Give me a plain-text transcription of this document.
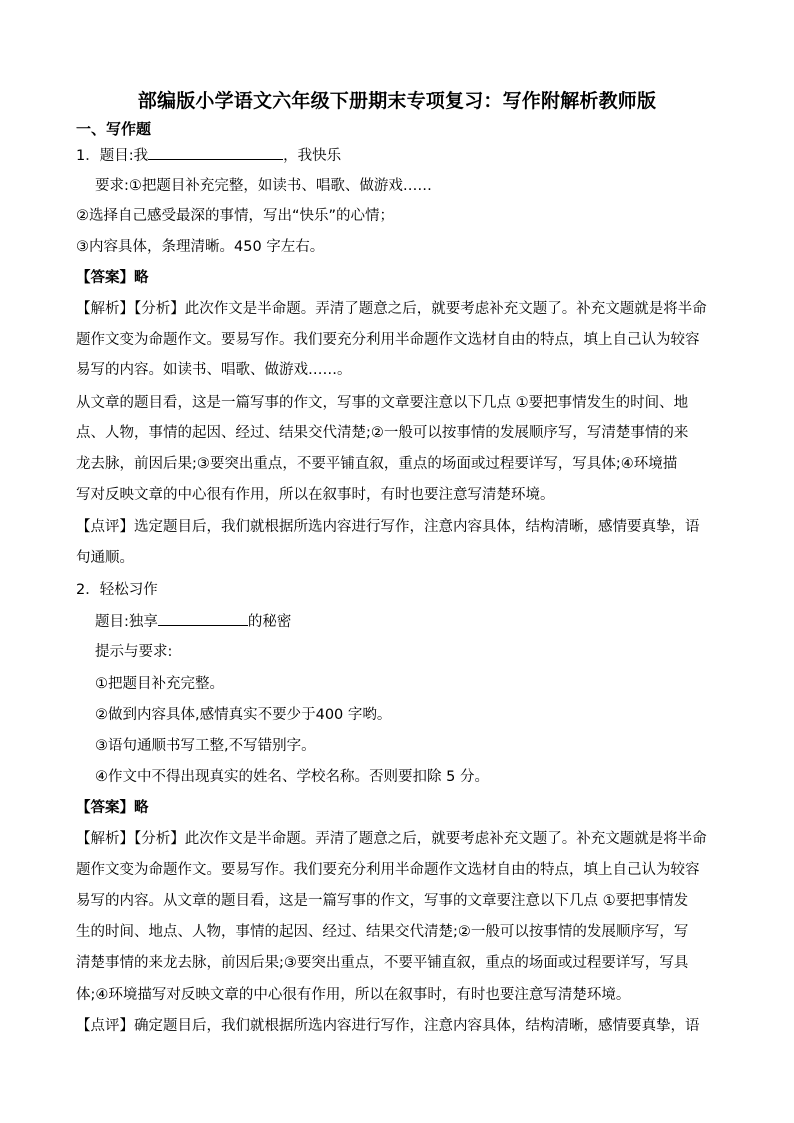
部编版小学语文六年级下册期末专项复习：写作附解析教师版
一、写作题
1．题目:我	，我快乐
要求:①把题目补充完整，如读书、唱歌、做游戏……
②选择自己感受最深的事情，写出“快乐”的心情；
③内容具体，条理清晰。450 字左右。
【答案】略
【解析】【分析】此次作文是半命题。弄清了题意之后，就要考虑补充文题了。补充文题就是将半命
题作文变为命题作文。要易写作。我们要充分利用半命题作文选材自由的特点，填上自己认为较容
易写的内容。如读书、唱歌、做游戏……。
从文章的题目看，这是一篇写事的作文，写事的文章要注意以下几点 ①要把事情发生的时间、地
点、人物，事情的起因、经过、结果交代清楚;②一般可以按事情的发展顺序写，写清楚事情的来
龙去脉，前因后果;③要突出重点，不要平铺直叙，重点的场面或过程要详写，写具体;④环境描
写对反映文章的中心很有作用，所以在叙事时，有时也要注意写清楚环境。
【点评】选定题目后，我们就根据所选内容进行写作，注意内容具体，结构清晰，感情要真挚，语
句通顺。
2．轻松习作
题目:独享	的秘密
提示与要求:
①把题目补充完整。
②做到内容具体,感情真实不要少于400 字哟。
③语句通顺书写工整,不写错别字。
④作文中不得出现真实的姓名、学校名称。否则要扣除 5 分。
【答案】略
【解析】【分析】此次作文是半命题。弄清了题意之后，就要考虑补充文题了。补充文题就是将半命
题作文变为命题作文。要易写作。我们要充分利用半命题作文选材自由的特点，填上自己认为较容
易写的内容。从文章的题目看，这是一篇写事的作文，写事的文章要注意以下几点 ①要把事情发
生的时间、地点、人物，事情的起因、经过、结果交代清楚;②一般可以按事情的发展顺序写，写
清楚事情的来龙去脉，前因后果;③要突出重点，不要平铺直叙，重点的场面或过程要详写，写具
体;④环境描写对反映文章的中心很有作用，所以在叙事时，有时也要注意写清楚环境。
【点评】确定题目后，我们就根据所选内容进行写作，注意内容具体，结构清晰，感情要真挚，语
